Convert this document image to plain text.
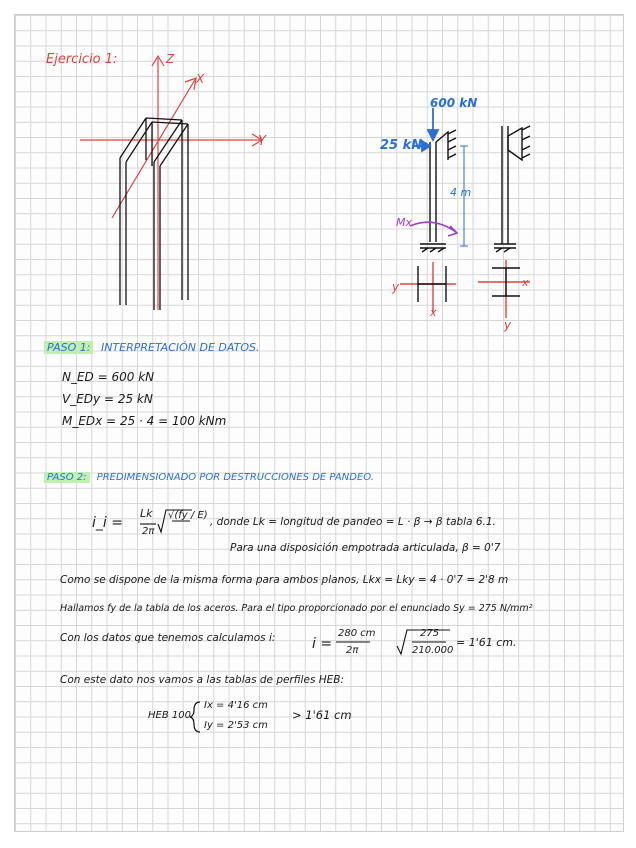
Ejercicio 1:	Z
X
Y
600 kN
25 kN
Mx
4 m
y
x
x
y
PASO 1: INTERPRETACIÓN DE DATOS.
N_ED = 600 kN
V_EDy = 25 kN
M_EDx = 25 · 4 = 100 kNm
PASO 2: PREDIMENSIONADO POR DESTRUCCIONES DE PANDEO.
i_i =
Lk
2π
√(fy / E)
, donde Lk = longitud de pandeo = L · β → β tabla 6.1.
Para una disposición empotrada articulada, β = 0'7
Como se dispone de la misma forma para ambos planos, Lkx = Lky = 4 · 0'7 = 2'8 m
Hallamos fy de la tabla de los aceros. Para el tipo proporcionado por el enunciado Sy = 275 N/mm²
Con los datos que tenemos calculamos i:	i =
280 cm
2π
275
210.000
= 1'61 cm.
Con este dato nos vamos a las tablas de perfiles HEB:
HEB 100
Ix = 4'16 cm
Iy = 2'53 cm
> 1'61 cm
